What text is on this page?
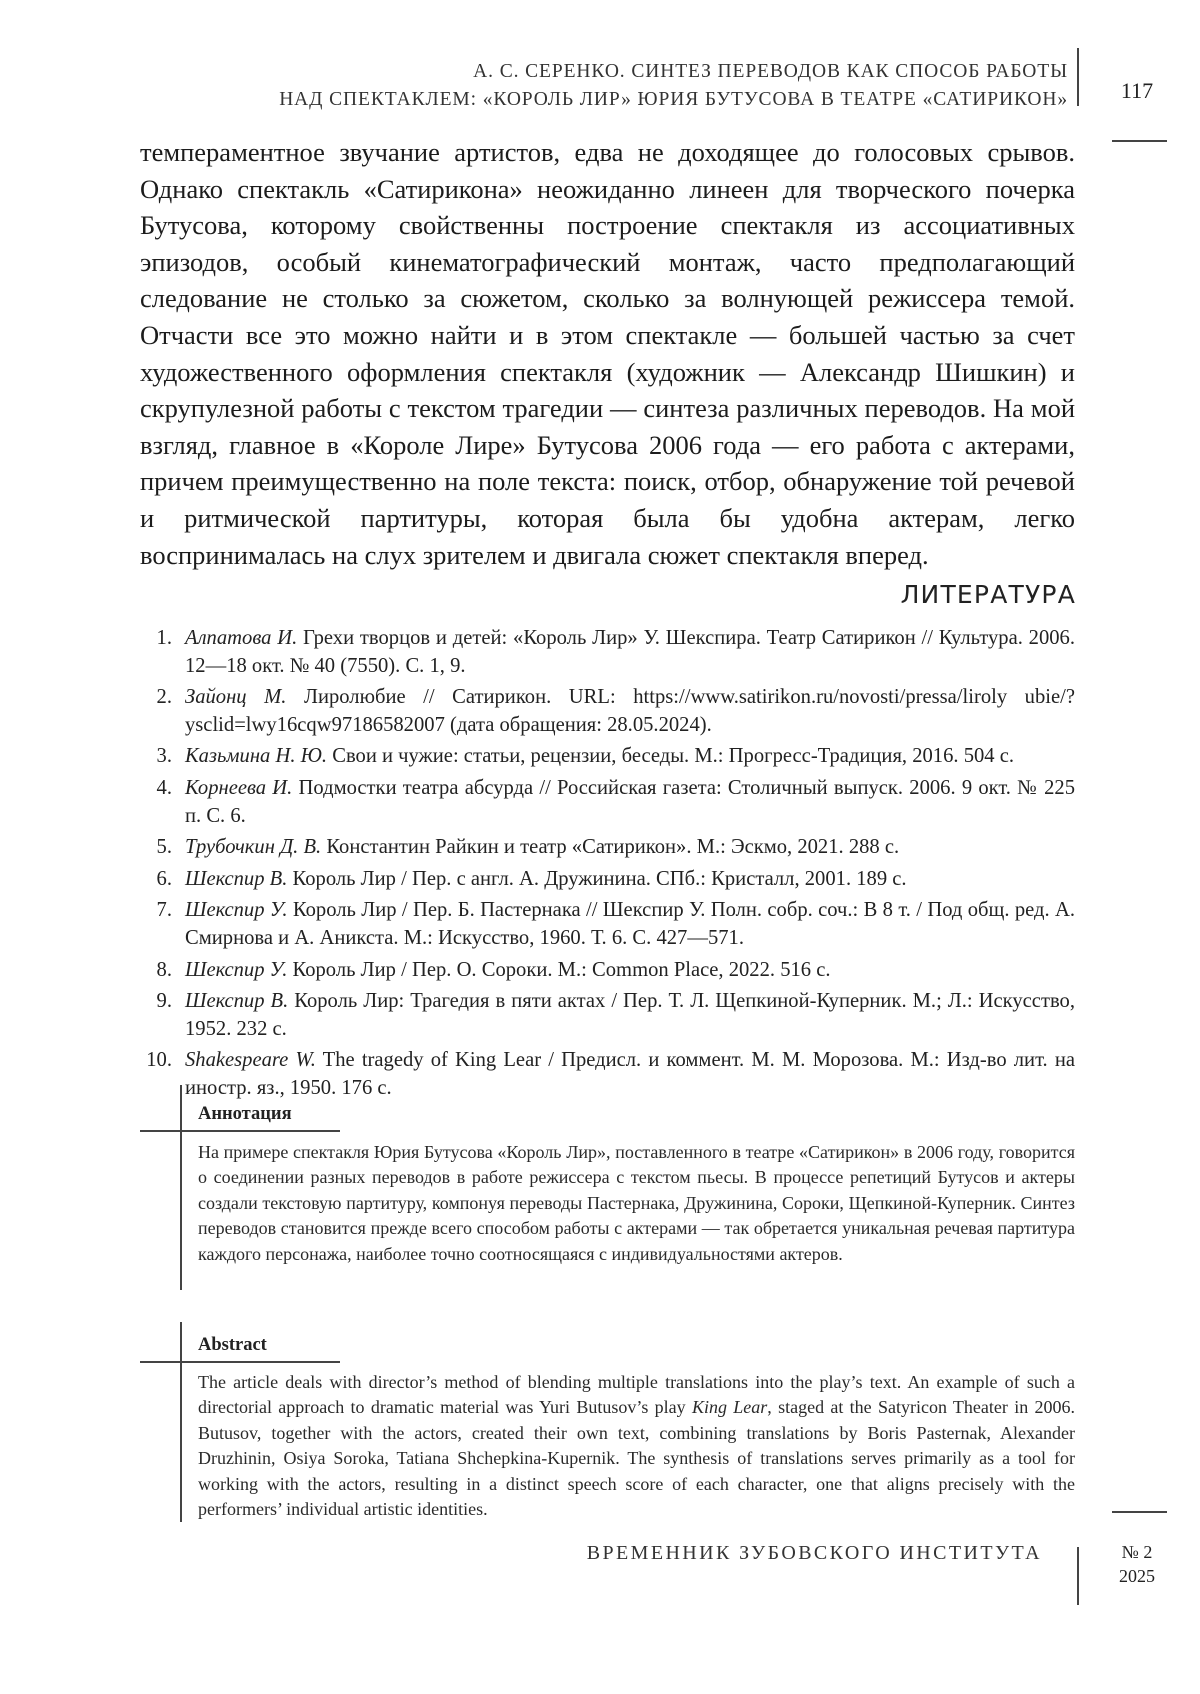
А. С. СЕРЕНКО. СИНТЕЗ ПЕРЕВОДОВ КАК СПОСОБ РАБОТЫ
НАД СПЕКТАКЛЕМ: «КОРОЛЬ ЛИР» ЮРИЯ БУТУСОВА В ТЕАТРЕ «САТИРИКОН»	117

темпераментное звучание артистов, едва не доходящее до голосовых срывов. Однако спектакль «Сатирикона» неожиданно линеен для творческого почерка Бутусова, которому свойственны построение спектакля из ассоциативных эпизодов, особый кинематографический монтаж, часто предполагающий следование не столько за сюжетом, сколько за волнующей режиссера темой. Отчасти все это можно найти и в этом спектакле — большей частью за счет художественного оформления спектакля (художник — Александр Шишкин) и скрупулезной работы с текстом трагедии — синтеза различных переводов. На мой взгляд, главное в «Короле Лире» Бутусова 2006 года — его работа с актерами, причем преимущественно на поле текста: поиск, отбор, обнаружение той речевой и ритмической партитуры, которая была бы удобна актерам, легко воспринималась на слух зрителем и двигала сюжет спектакля вперед.

ЛИТЕРАТУРА
1. Алпатова И. Грехи творцов и детей: «Король Лир» У. Шекспира. Театр Сатирикон // Культура. 2006. 12—18 окт. № 40 (7550). С. 1, 9.
2. Зайонц М. Лиролюбие // Сатирикон. URL: https://www.satirikon.ru/novosti/pressa/liroly ubie/?ysclid=lwy16cqw97186582007 (дата обращения: 28.05.2024).
3. Казьмина Н. Ю. Свои и чужие: статьи, рецензии, беседы. М.: Прогресс-Традиция, 2016. 504 с.
4. Корнеева И. Подмостки театра абсурда // Российская газета: Столичный выпуск. 2006. 9 окт. № 225 п. С. 6.
5. Трубочкин Д. В. Константин Райкин и театр «Сатирикон». М.: Эскмо, 2021. 288 с.
6. Шекспир В. Король Лир / Пер. с англ. А. Дружинина. СПб.: Кристалл, 2001. 189 с.
7. Шекспир У. Король Лир / Пер. Б. Пастернака // Шекспир У. Полн. собр. соч.: В 8 т. / Под общ. ред. А. Смирнова и А. Аникста. М.: Искусство, 1960. Т. 6. С. 427—571.
8. Шекспир У. Король Лир / Пер. О. Сороки. М.: Common Place, 2022. 516 с.
9. Шекспир В. Король Лир: Трагедия в пяти актах / Пер. Т. Л. Щепкиной-Куперник. М.; Л.: Искусство, 1952. 232 с.
10. Shakespeare W. The tragedy of King Lear / Предисл. и коммент. М. М. Морозова. М.: Изд-во лит. на иностр. яз., 1950. 176 с.
Аннотация
На примере спектакля Юрия Бутусова «Король Лир», поставленного в театре «Сатирикон» в 2006 году, говорится о соединении разных переводов в работе режиссера с текстом пьесы. В процессе репетиций Бутусов и актеры создали текстовую партитуру, компонуя переводы Пастернака, Дружинина, Сороки, Щепкиной-Куперник. Синтез переводов становится прежде всего способом работы с актерами — так обретается уникальная речевая партитура каждого персонажа, наиболее точно соотносящаяся с индивидуальностями актеров.
Abstract
The article deals with director’s method of blending multiple translations into the play’s text. An example of such a directorial approach to dramatic material was Yuri Butusov’s play King Lear, staged at the Satyricon Theater in 2006. Butusov, together with the actors, created their own text, combining translations by Boris Pasternak, Alexander Druzhinin, Osiya Soroka, Tatiana Shchepkina-Kupernik. The synthesis of translations serves primarily as a tool for working with the actors, resulting in a distinct speech score of each character, one that aligns precisely with the performers’ individual artistic identities.
ВРЕМЕННИК ЗУБОВСКОГО ИНСТИТУТА	№ 2
2025
